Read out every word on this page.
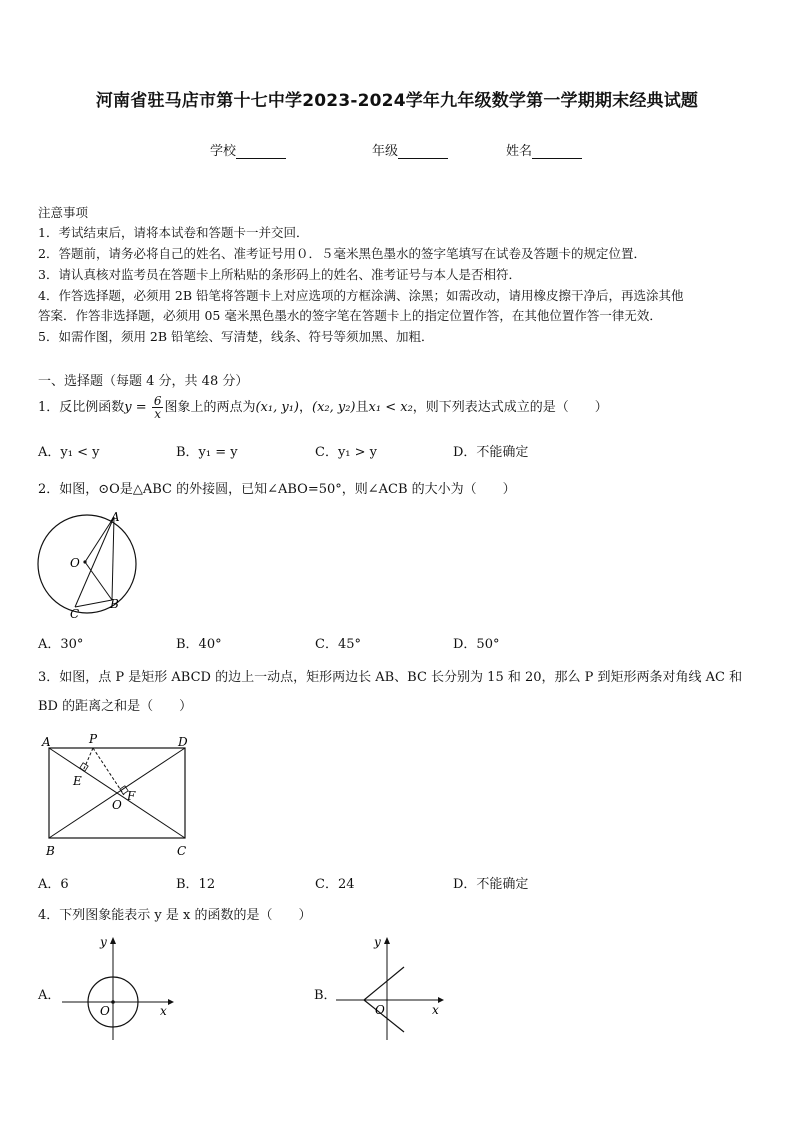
河南省驻马店市第十七中学2023-2024学年九年级数学第一学期期末经典试题
学校	年级	姓名
注意事项
1．考试结束后，请将本试卷和答题卡一并交回．
2．答题前，请务必将自己的姓名、准考证号用０．５毫米黑色墨水的签字笔填写在试卷及答题卡的规定位置．
3．请认真核对监考员在答题卡上所粘贴的条形码上的姓名、准考证号与本人是否相符．
4．作答选择题，必须用 2B 铅笔将答题卡上对应选项的方框涂满、涂黑；如需改动，请用橡皮擦干净后，再选涂其他
答案．作答非选择题，必须用 05 毫米黑色墨水的签字笔在答题卡上的指定位置作答，在其他位置作答一律无效．
5．如需作图，须用 2B 铅笔绘、写清楚，线条、符号等须加黑、加粗．
一、选择题（每题 4 分，共 48 分）
1．反比例函数$y = \frac{6}{x}$ 图象上的两点为(x₁, y₁)，(x₂, y₂)且x₁ < x₂，则下列表达式成立的是（　　）
A．y₁ < y	B．y₁ = y	C．y₁ > y	D．不能确定
2．如图，⊙O是△ABC 的外接圆，已知∠ABO=50°，则∠ACB 的大小为（　　）
A
O
B
C
A．30°	B．40°	C．45°	D．50°
3．如图，点 P 是矩形 ABCD 的边上一动点，矩形两边长 AB、BC 长分别为 15 和 20，那么 P 到矩形两条对角线 AC 和
BD 的距离之和是（　　）
A	P	D
E
F
O
B	C
A．6	B．12	C．24	D．不能确定
4．下列图象能表示 y 是 x 的函数的是（　　）
A．
x
y
O
B．
x
y
O
